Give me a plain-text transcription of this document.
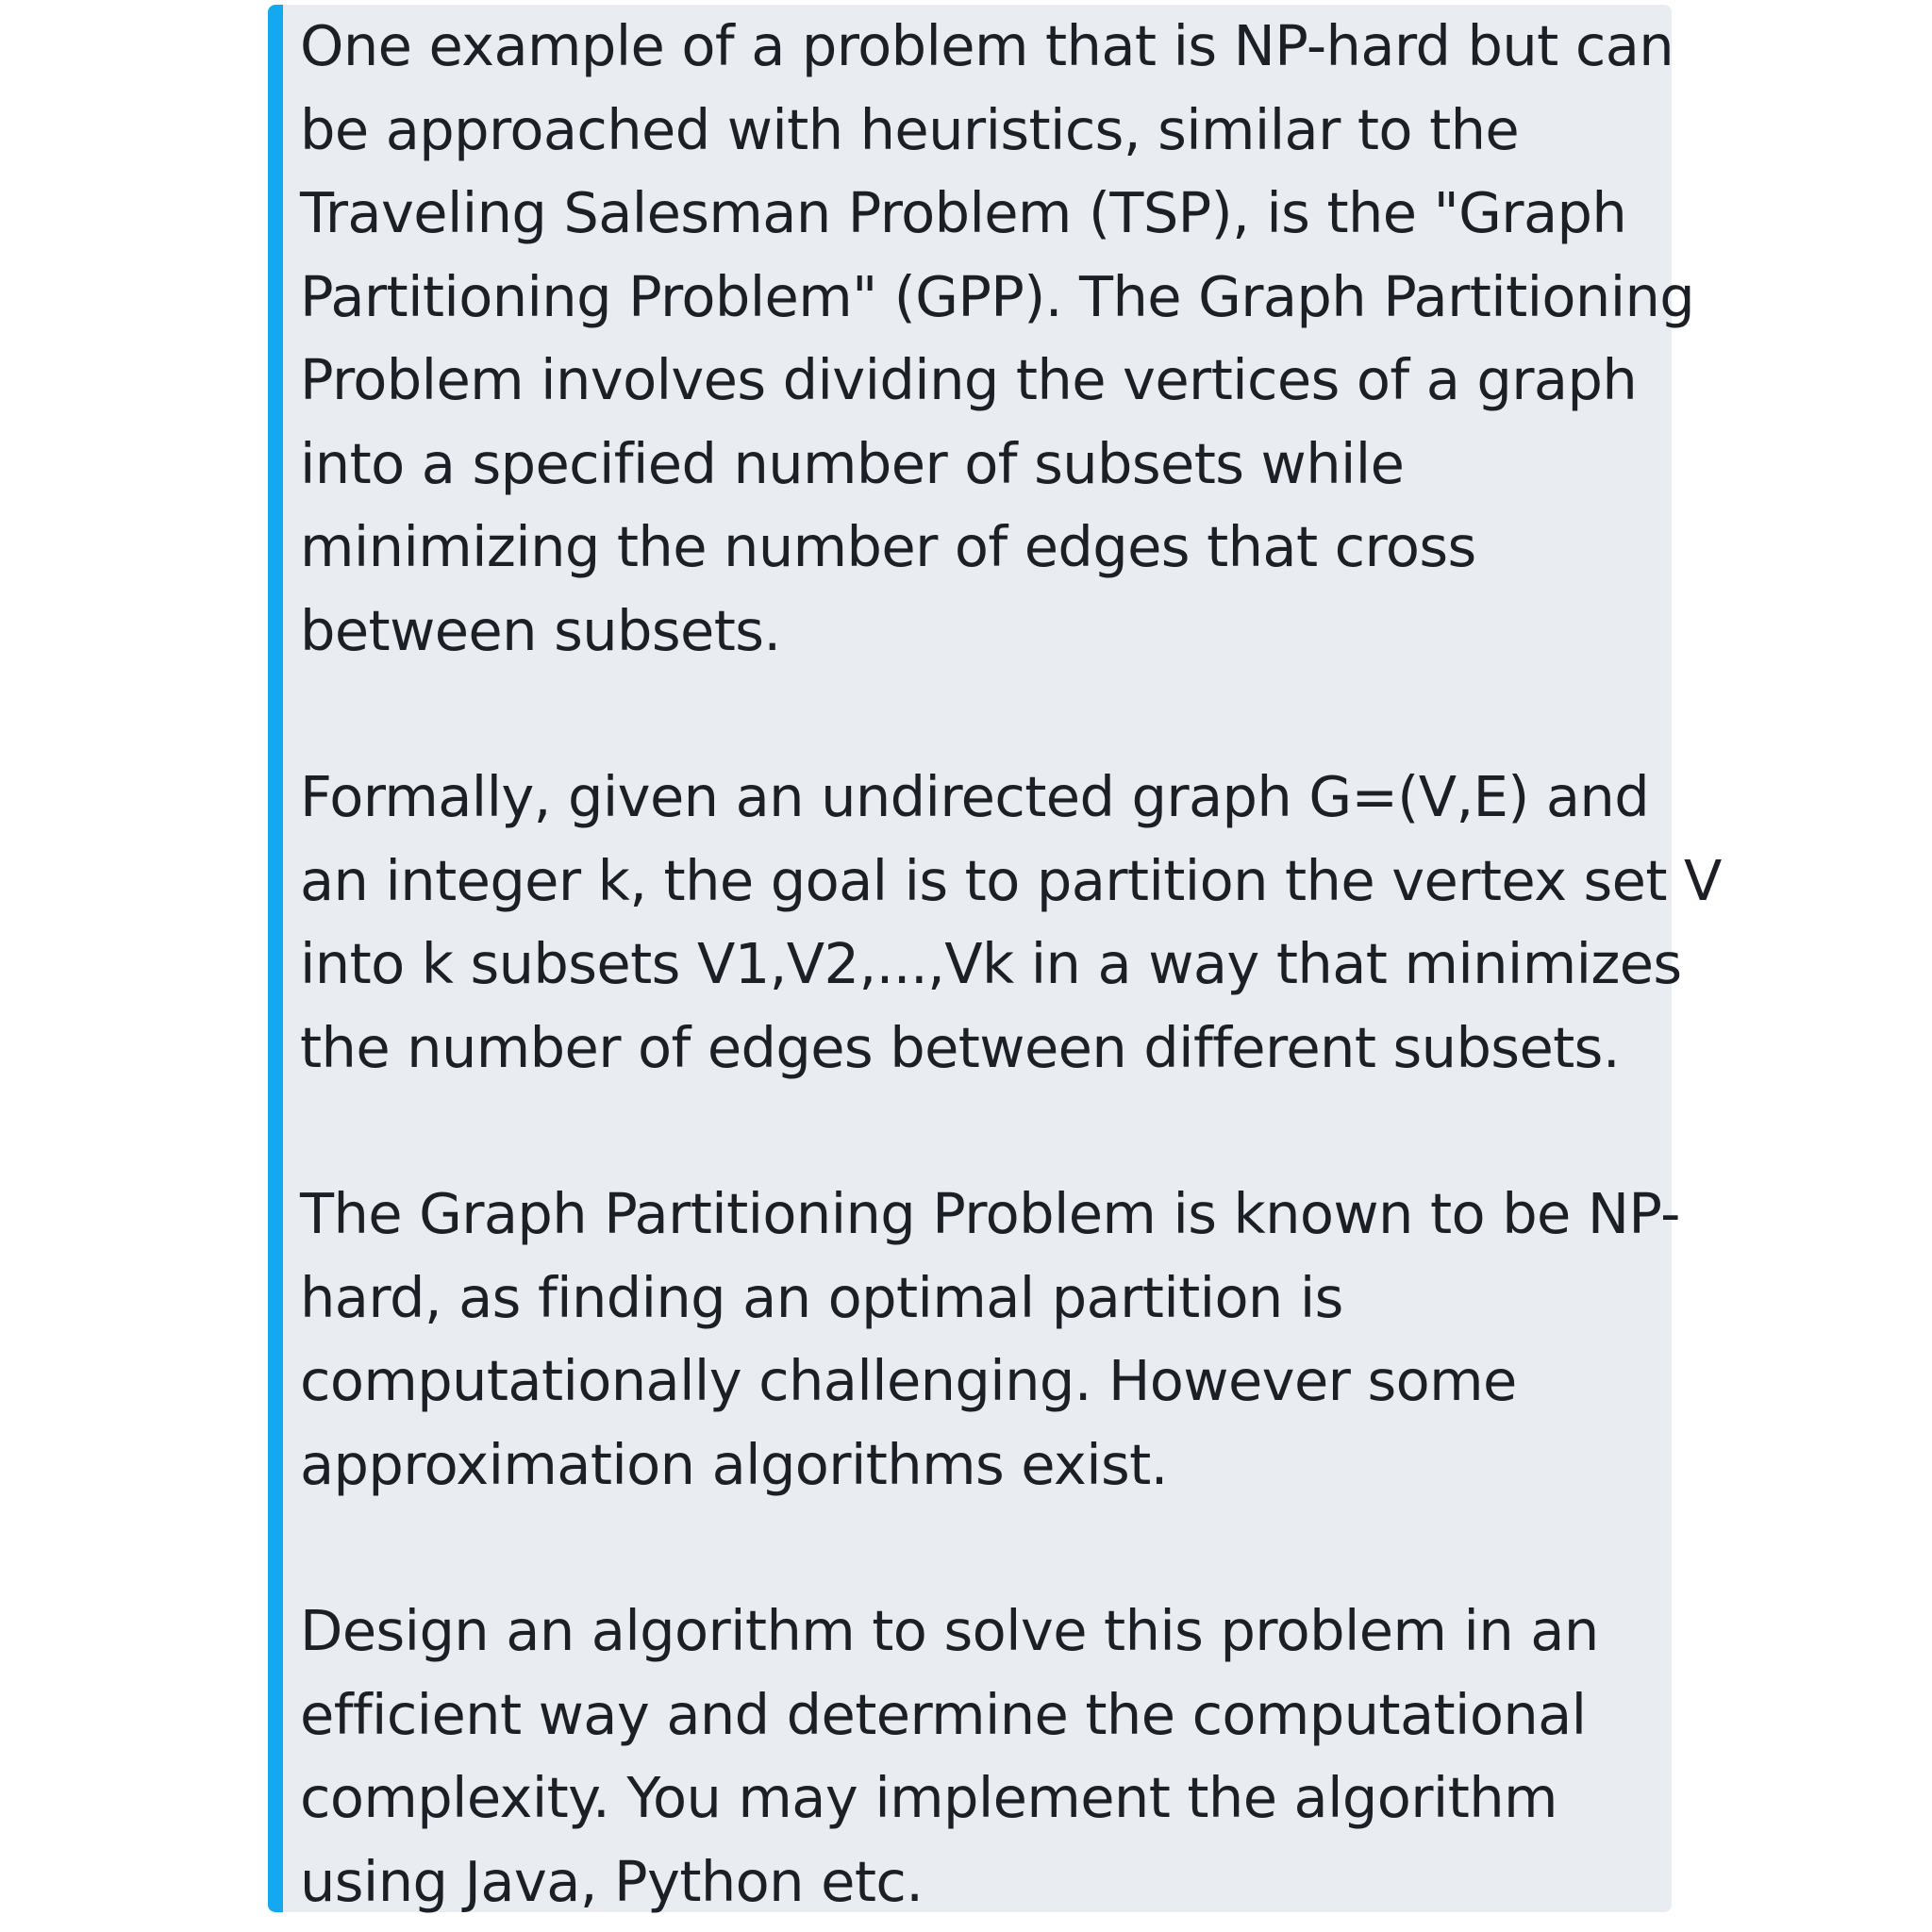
One example of a problem that is NP-hard but can
be approached with heuristics, similar to the
Traveling Salesman Problem (TSP), is the "Graph
Partitioning Problem" (GPP). The Graph Partitioning
Problem involves dividing the vertices of a graph
into a specified number of subsets while
minimizing the number of edges that cross
between subsets.
Formally, given an undirected graph G=(V,E) and
an integer k, the goal is to partition the vertex set V
into k subsets V1,V2,...,Vk in a way that minimizes
the number of edges between different subsets.
The Graph Partitioning Problem is known to be NP-
hard, as finding an optimal partition is
computationally challenging. However some
approximation algorithms exist.
Design an algorithm to solve this problem in an
efficient way and determine the computational
complexity. You may implement the algorithm
using Java, Python etc.
